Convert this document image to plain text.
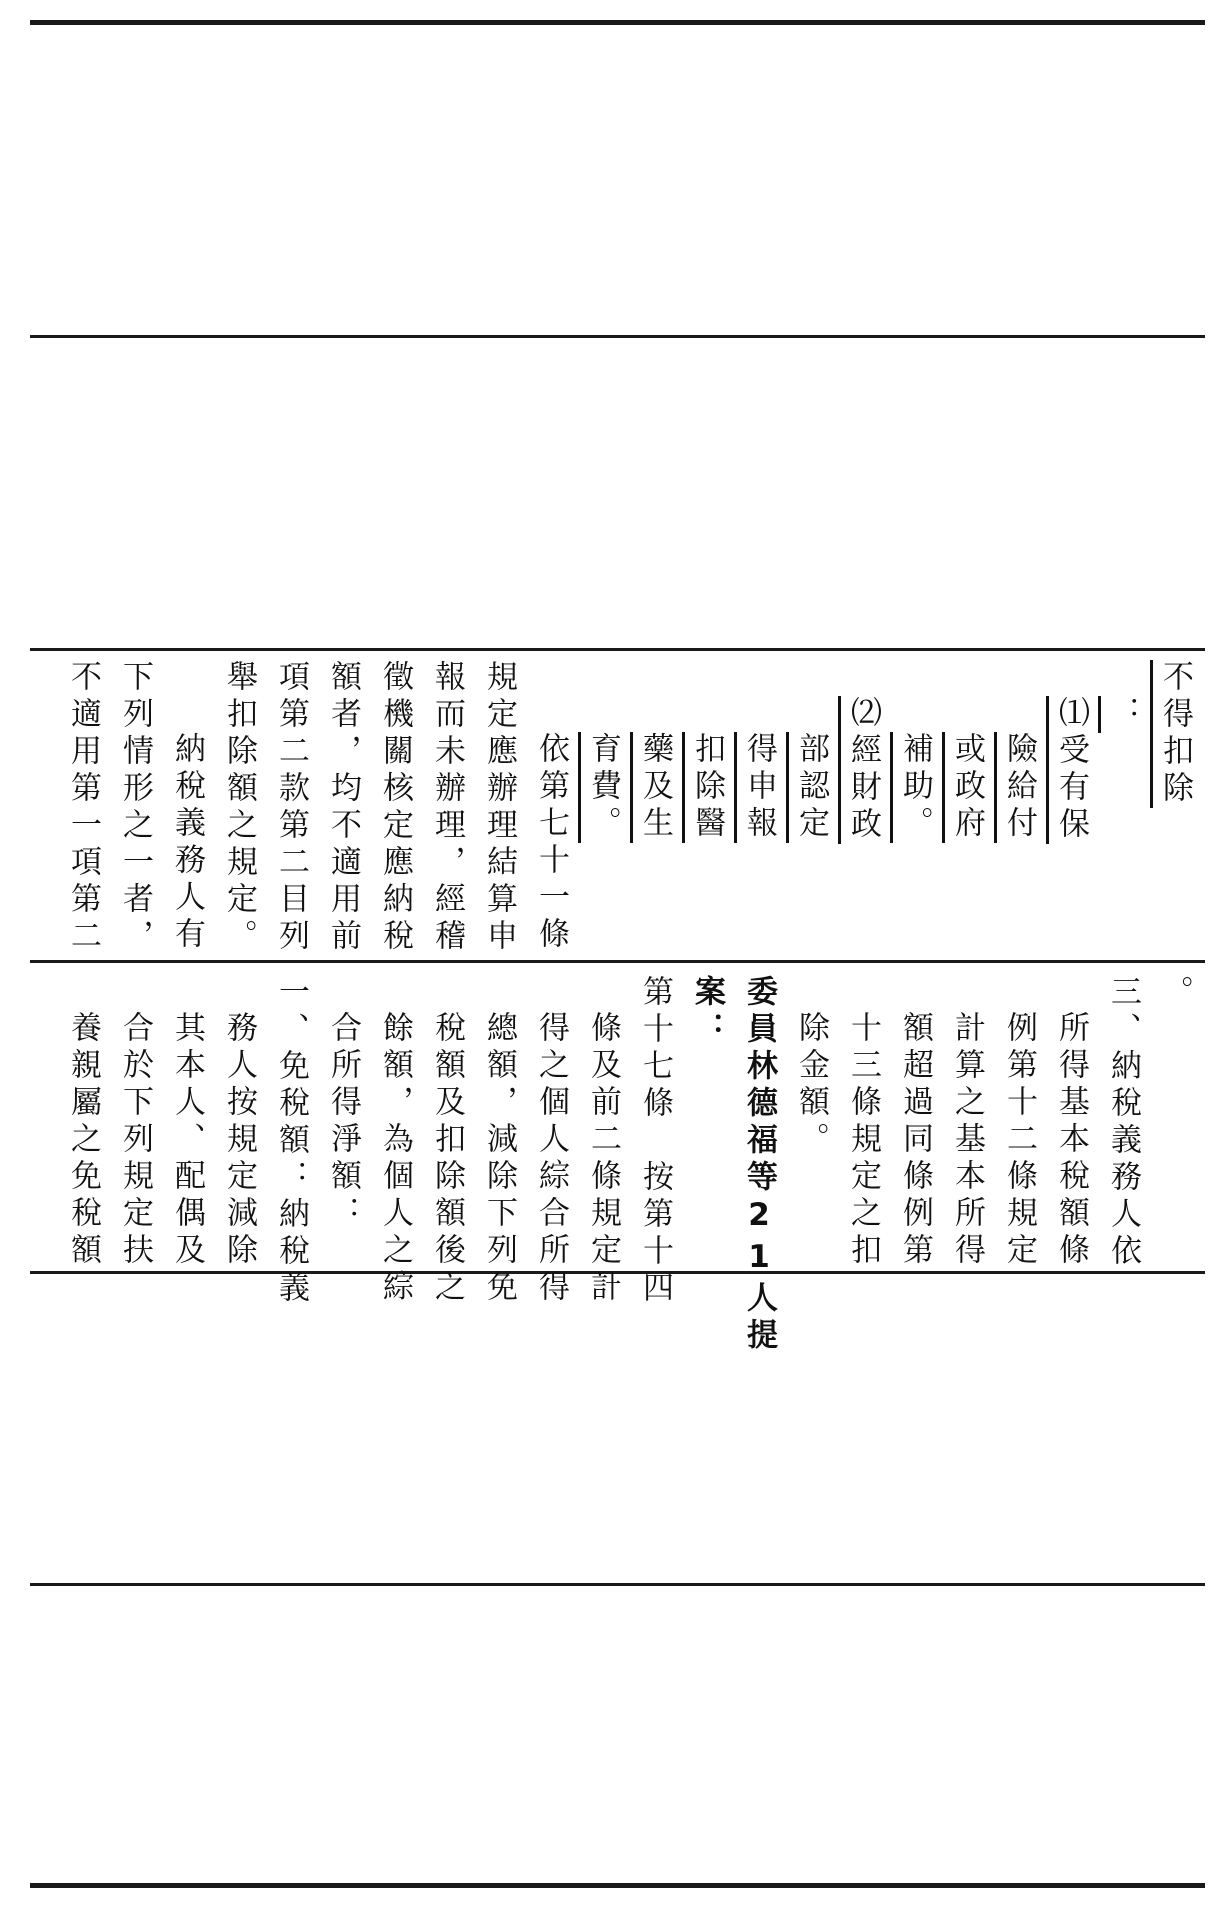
不得扣除
：
⑴受有保
險給付
或政府
補助。
⑵經財政
部認定
得申報
扣除醫
藥及生
育費。
依第七十一條
規定應辦理結算申
報而未辦理，經稽
徵機關核定應納稅
額者，均不適用前
項第二款第二目列
舉扣除額之規定。
納稅義務人有
下列情形之一者，
不適用第一項第二
。
三、納稅義務人依
所得基本稅額條
例第十二條規定
計算之基本所得
額超過同條例第
十三條規定之扣
除金額。
委員林德福等21人提
案：
第十七條　按第十四
條及前二條規定計
得之個人綜合所得
總額，減除下列免
稅額及扣除額後之
餘額，為個人之綜
合所得淨額：
一、免稅額：納稅義
務人按規定減除
其本人、配偶及
合於下列規定扶
養親屬之免稅額
